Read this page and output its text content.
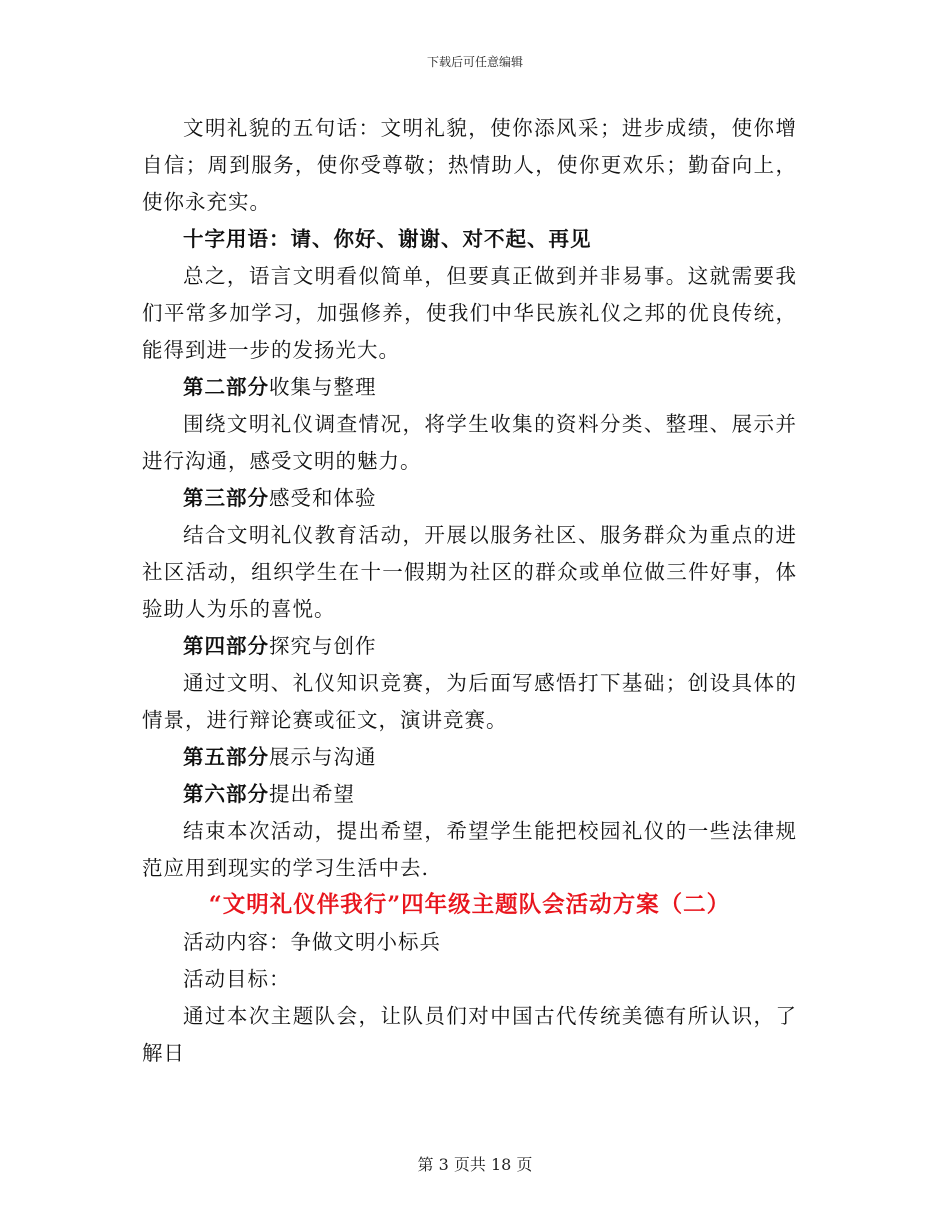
下载后可任意编辑

文明礼貌的五句话：文明礼貌，使你添风采；进步成绩，使你增自信；周到服务，使你受尊敬；热情助人，使你更欢乐；勤奋向上，使你永充实。

十字用语：请、你好、谢谢、对不起、再见

总之，语言文明看似简单，但要真正做到并非易事。这就需要我们平常多加学习，加强修养，使我们中华民族礼仪之邦的优良传统，能得到进一步的发扬光大。

第二部分收集与整理

围绕文明礼仪调查情况，将学生收集的资料分类、整理、展示并进行沟通，感受文明的魅力。

第三部分感受和体验

结合文明礼仪教育活动，开展以服务社区、服务群众为重点的进社区活动，组织学生在十一假期为社区的群众或单位做三件好事，体验助人为乐的喜悦。

第四部分探究与创作

通过文明、礼仪知识竞赛，为后面写感悟打下基础；创设具体的情景，进行辩论赛或征文，演讲竞赛。

第五部分展示与沟通

第六部分提出希望

结束本次活动，提出希望，希望学生能把校园礼仪的一些法律规范应用到现实的学习生活中去.

“文明礼仪伴我行”四年级主题队会活动方案（二）

活动内容：争做文明小标兵

活动目标：

通过本次主题队会，让队员们对中国古代传统美德有所认识，了解日

第 3 页共 18 页
